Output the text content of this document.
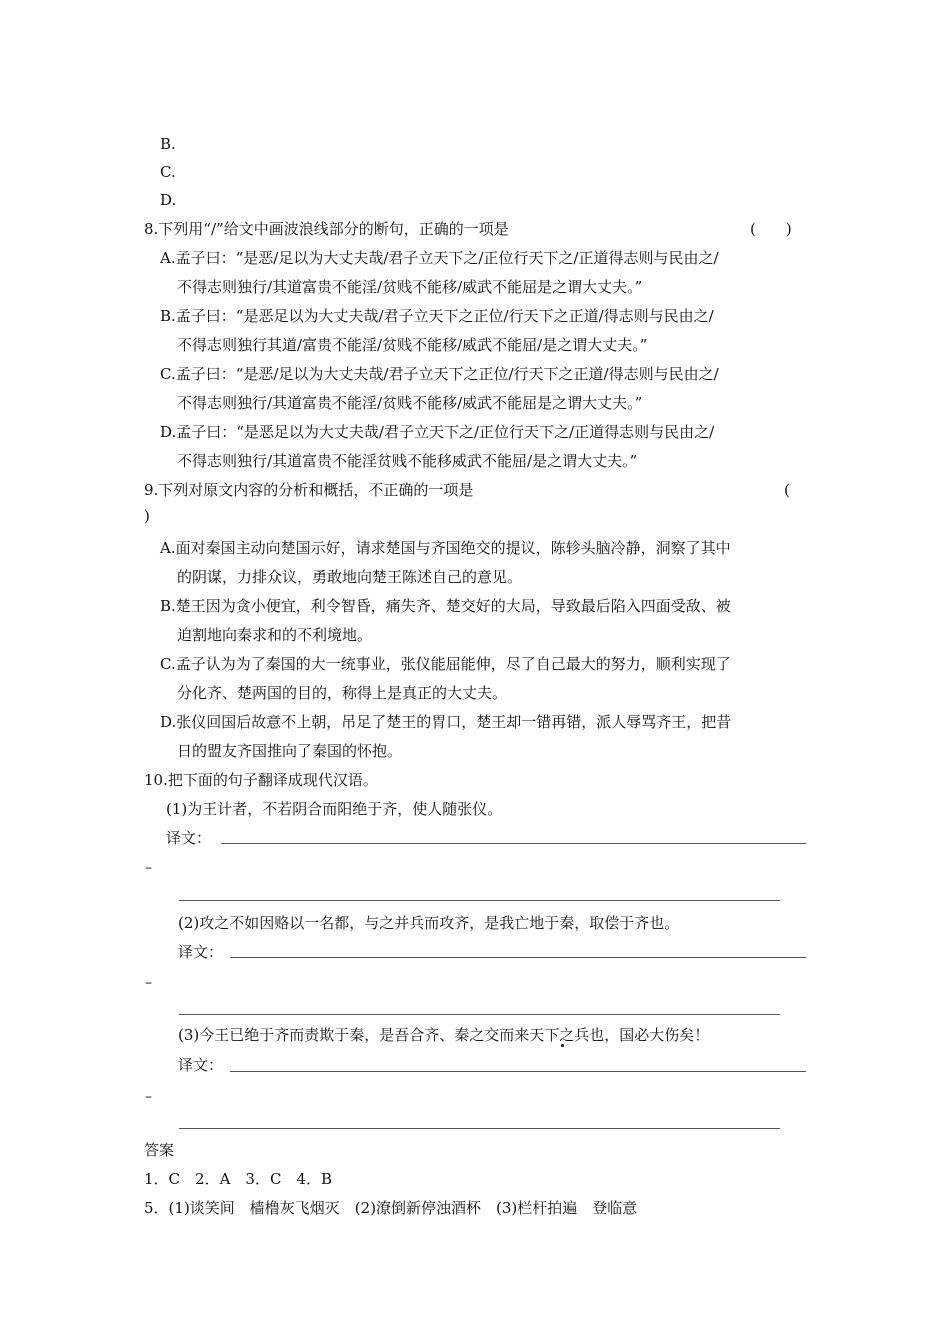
B.
C.
D.
8.下列用“/”给文中画波浪线部分的断句，正确的一项是	(　　)
A.孟子曰：“是恶/足以为大丈夫哉/君子立天下之/正位行天下之/正道得志则与民由之/
不得志则独行/其道富贵不能淫/贫贱不能移/威武不能屈是之谓大丈夫。”
B.孟子曰：“是恶足以为大丈夫哉/君子立天下之正位/行天下之正道/得志则与民由之/
不得志则独行其道/富贵不能淫/贫贱不能移/威武不能屈/是之谓大丈夫。”
C.孟子曰：“是恶/足以为大丈夫哉/君子立天下之正位/行天下之正道/得志则与民由之/
不得志则独行/其道富贵不能淫/贫贱不能移/威武不能屈是之谓大丈夫。”
D.孟子曰：“是恶足以为大丈夫哉/君子立天下之/正位行天下之/正道得志则与民由之/
不得志则独行/其道富贵不能淫贫贱不能移威武不能屈/是之谓大丈夫。”
9.下列对原文内容的分析和概括，不正确的一项是	(
)
A.面对秦国主动向楚国示好，请求楚国与齐国绝交的提议，陈轸头脑冷静，洞察了其中
的阴谋，力排众议，勇敢地向楚王陈述自己的意见。
B.楚王因为贪小便宜，利令智昏，痛失齐、楚交好的大局，导致最后陷入四面受敌、被
迫割地向秦求和的不利境地。
C.孟子认为为了秦国的大一统事业，张仪能屈能伸，尽了自己最大的努力，顺利实现了
分化齐、楚两国的目的，称得上是真正的大丈夫。
D.张仪回国后故意不上朝，吊足了楚王的胃口，楚王却一错再错，派人辱骂齐王，把昔
日的盟友齐国推向了秦国的怀抱。
10.把下面的句子翻译成现代汉语。
(1)为王计者，不若阴合而阳绝于齐，使人随张仪。
译文：
–
(2)攻之不如因赂以一名都，与之并兵而攻齐，是我亡地于秦，取偿于齐也。
译文：
–
(3)今王已绝于齐而责欺于秦，是吾合齐、秦之交而来天下之兵也，国必大伤矣！
译文：
–
答案
1．C　2．A　3．C　4．B
5．(1)谈笑间　樯橹灰飞烟灭　(2)潦倒新停浊酒杯　(3)栏杆拍遍　登临意
